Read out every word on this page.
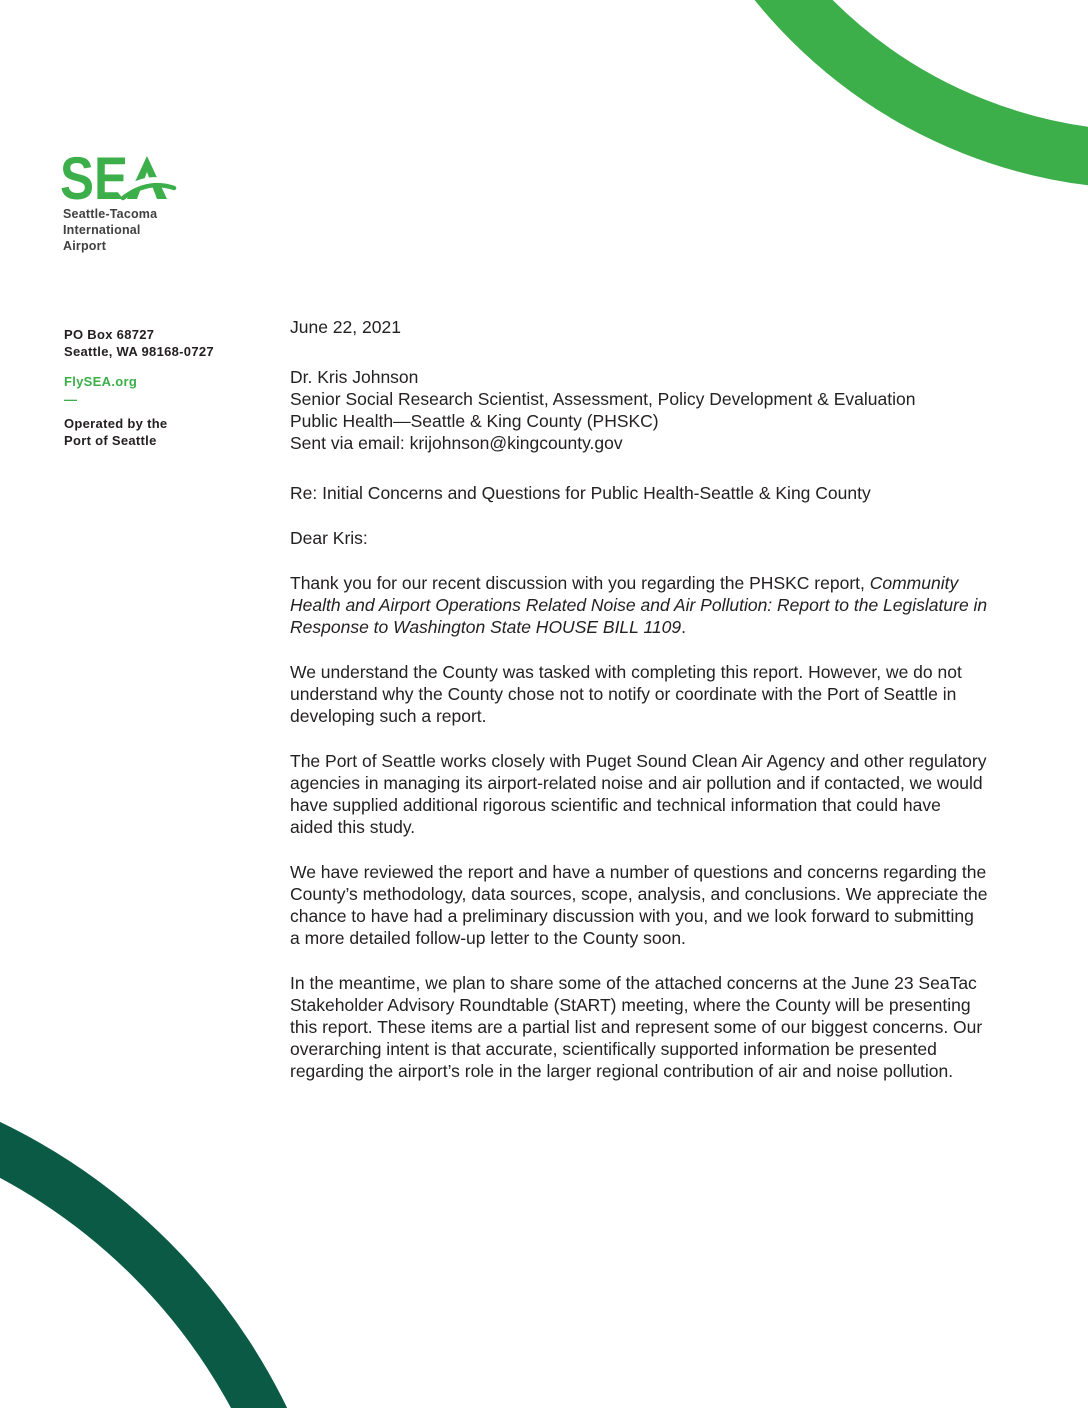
SE
Seattle-Tacoma
International
Airport
PO Box 68727
Seattle, WA 98168-0727
FlySEA.org
—
Operated by the
Port of Seattle
June 22, 2021
Dr. Kris Johnson
Senior Social Research Scientist, Assessment, Policy Development & Evaluation
Public Health—Seattle & King County (PHSKC)
Sent via email: krijohnson@kingcounty.gov

Re: Initial Concerns and Questions for Public Health-Seattle & King County

Dear Kris:

Thank you for our recent discussion with you regarding the PHSKC report, Community Health and Airport Operations Related Noise and Air Pollution: Report to the Legislature in Response to Washington State HOUSE BILL 1109.

We understand the County was tasked with completing this report. However, we do not understand why the County chose not to notify or coordinate with the Port of Seattle in developing such a report.

The Port of Seattle works closely with Puget Sound Clean Air Agency and other regulatory agencies in managing its airport-related noise and air pollution and if contacted, we would have supplied additional rigorous scientific and technical information that could have aided this study.

We have reviewed the report and have a number of questions and concerns regarding the County’s methodology, data sources, scope, analysis, and conclusions. We appreciate the chance to have had a preliminary discussion with you, and we look forward to submitting a more detailed follow-up letter to the County soon.

In the meantime, we plan to share some of the attached concerns at the June 23 SeaTac Stakeholder Advisory Roundtable (StART) meeting, where the County will be presenting this report. These items are a partial list and represent some of our biggest concerns. Our overarching intent is that accurate, scientifically supported information be presented regarding the airport’s role in the larger regional contribution of air and noise pollution.
